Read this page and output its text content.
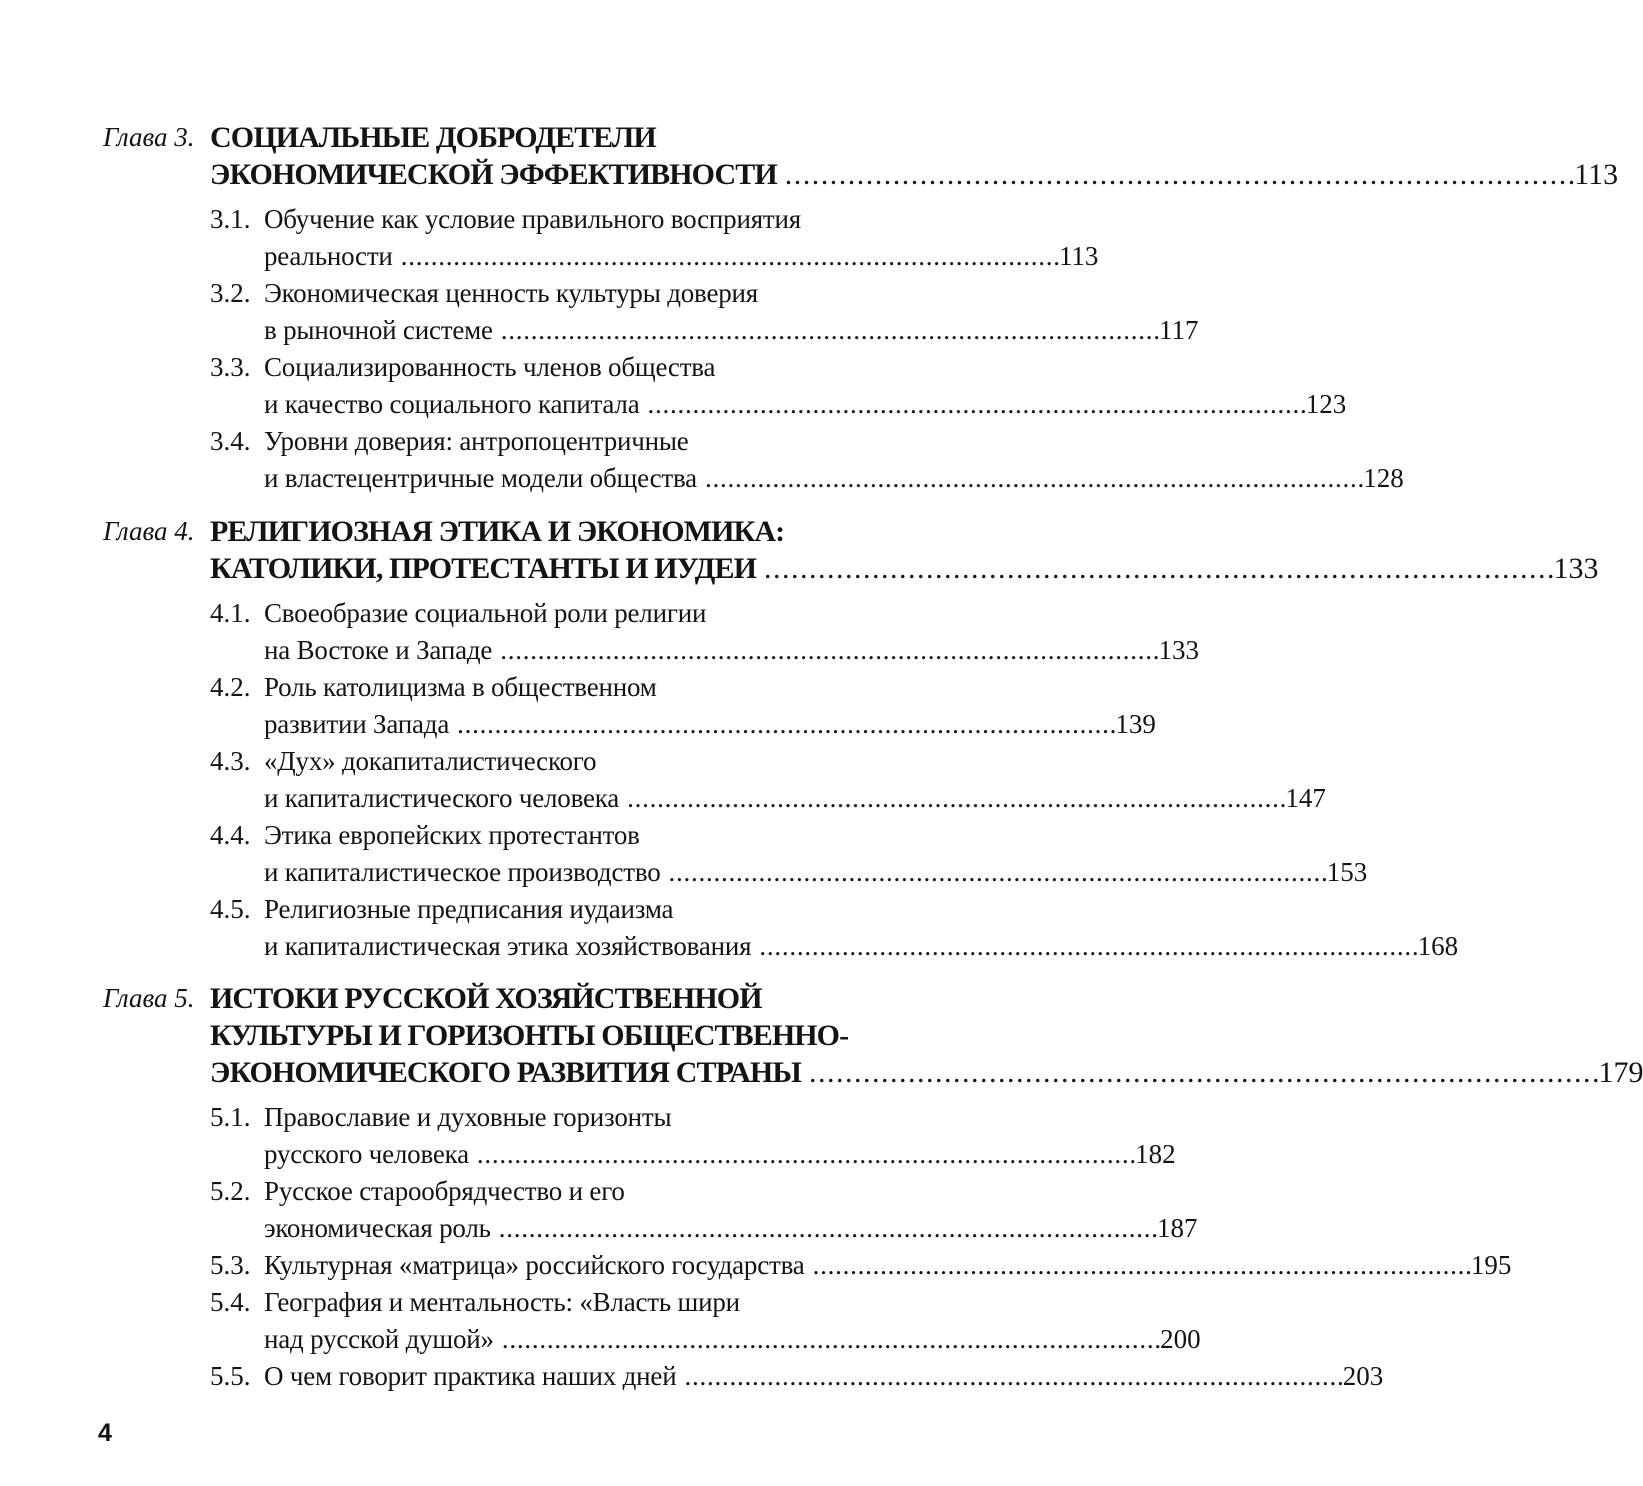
Глава 3. СОЦИАЛЬНЫЕ ДОБРОДЕТЕЛИ
ЭКОНОМИЧЕСКОЙ ЭФФЕКТИВНОСТИ . . .	113
3.1. Обучение как условие правильного восприятия
реальности . . .	113
3.2. Экономическая ценность культуры доверия
в рыночной системе . . .	117
3.3. Социализированность членов общества
и качество социального капитала . . .	123
3.4. Уровни доверия: антропоцентричные
и властецентричные модели общества . . .	128
Глава 4. РЕЛИГИОЗНАЯ ЭТИКА И ЭКОНОМИКА:
КАТОЛИКИ, ПРОТЕСТАНТЫ И ИУДЕИ . . .	133
4.1. Своеобразие социальной роли религии
на Востоке и Западе . . .	133
4.2. Роль католицизма в общественном
развитии Запада . . .	139
4.3. «Дух» докапиталистического
и капиталистического человека . . .	147
4.4. Этика европейских протестантов
и капиталистическое производство . . .	153
4.5. Религиозные предписания иудаизма
и капиталистическая этика хозяйствования . . .	168
Глава 5. ИСТОКИ РУССКОЙ ХОЗЯЙСТВЕННОЙ
КУЛЬТУРЫ И ГОРИЗОНТЫ ОБЩЕСТВЕННО-
ЭКОНОМИЧЕСКОГО РАЗВИТИЯ СТРАНЫ . . .	179
5.1. Православие и духовные горизонты
русского человека . . .	182
5.2. Русское старообрядчество и его
экономическая роль . . .	187
5.3. Культурная «матрица» российского государства . . .	195
5.4. География и ментальность: «Власть шири
над русской душой» . . .	200
5.5. О чем говорит практика наших дней . . .	203
4
